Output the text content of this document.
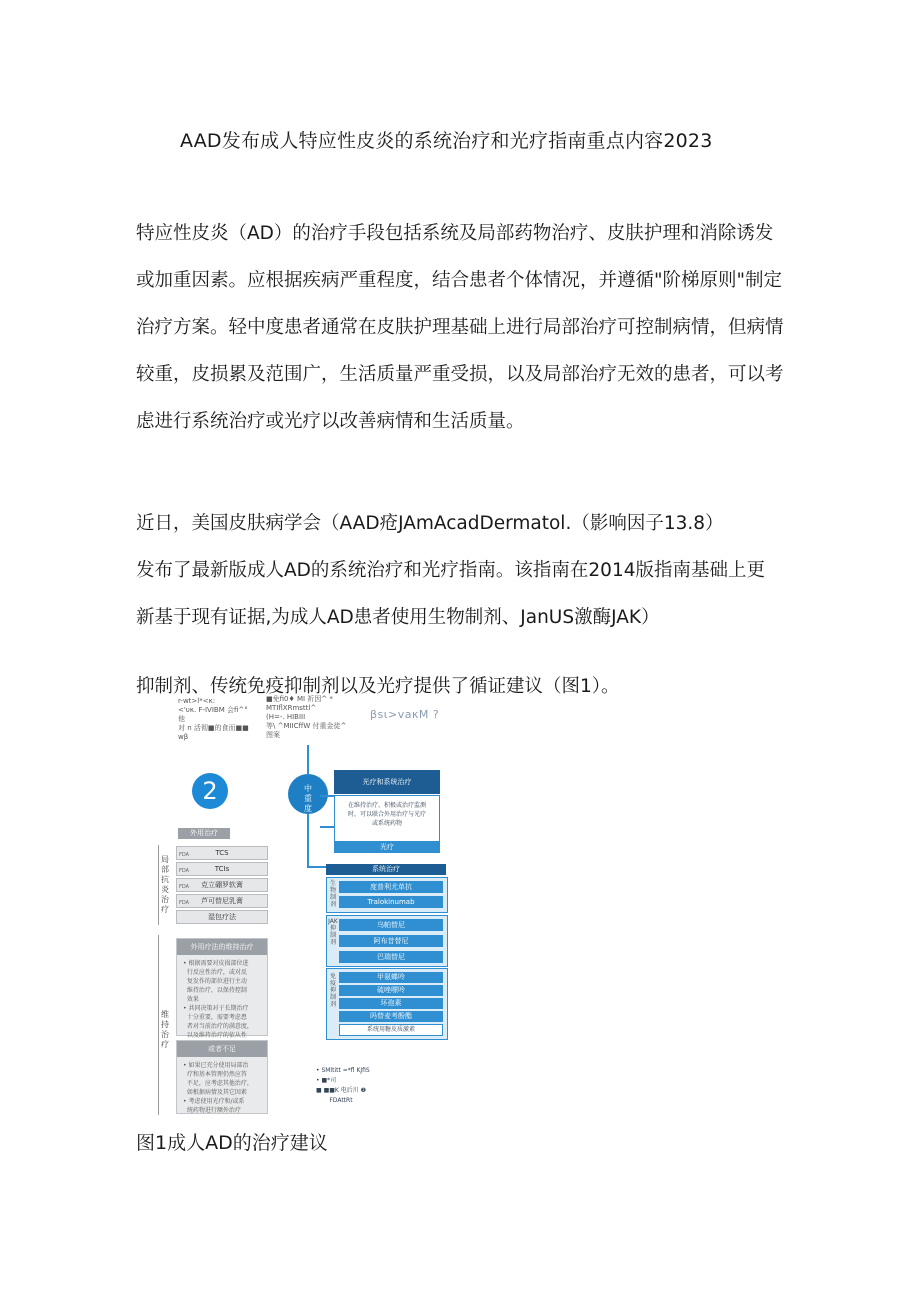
AAD发布成人特应性皮炎的系统治疗和光疗指南重点内容2023
特应性皮炎（AD）的治疗手段包括系统及局部药物治疗、皮肤护理和消除诱发
或加重因素。应根据疾病严重程度，结合患者个体情况，并遵循"阶梯原则"制定
治疗方案。轻中度患者通常在皮肤护理基础上进行局部治疗可控制病情，但病情
较重，皮损累及范围广，生活质量严重受损，以及局部治疗无效的患者，可以考
虑进行系统治疗或光疗以改善病情和生活质量。
近日，美国皮肤病学会（AAD疮JAmAcadDermatol.（影响因子13.8）
发布了最新版成人AD的系统治疗和光疗指南。该指南在2014版指南基础上更
新基于现有证据,为成人AD患者使用生物制剂、JanUS激酶JAK）
抑制剂、传统免疫抑制剂以及光疗提供了循证建议（图1）。
r-wt>l*<κ:
<'υκ. F-IVIBM 会fi^°
他
对 n 活彻■的食而■■
wβ
■免fi0♦ MI 祈因^ *
MTIflXRmsttl^
(H=-. HIBIII
等\ ^MIICffW 付重金徒^
图案
βsι>vaκM ?
2
外用治疗
局部抗炎治疗
FDA	TCS
FDA	TCIs
FDA 克立硼罗软膏
FDA 芦可替尼乳膏
湿包疗法
维持治疗
外用疗法的维持治疗
• 根据需要对皮损部位进
行反应性治疗，或对反
复发作的部位进行主动
维持治疗，以保持控制
效果
• 共同决策对于长期治疗
十分重要，需要考虑患
者对当前治疗的满意度，
以及维持治疗的依从性
或者不足
• 如果已充分使用局部治
疗和基本管理仍然应答
不足，应考虑其他治疗，
如根据病情及其它因素
• 考虑使用光疗和/或系
统药物进行额外治疗
中
重
度
光疗和系统治疗
在维持治疗、积极或治疗监测
时，可以联合外用治疗与光疗
或系统药物
光疗
系统治疗
生物制剂
度普利尤单抗
Tralokinumab
JAK抑制剂
乌帕替尼
阿布昔替尼
巴瑞替尼
免疫抑制剂
甲氨蝶呤
硫唑嘌呤
环孢素
吗替麦考酚酯
系统用糖皮质激素
• SMltitt =*fl KJfiS
• ■*司
■ ■■K 电后川 ❷
FDAttRt
图1成人AD的治疗建议
